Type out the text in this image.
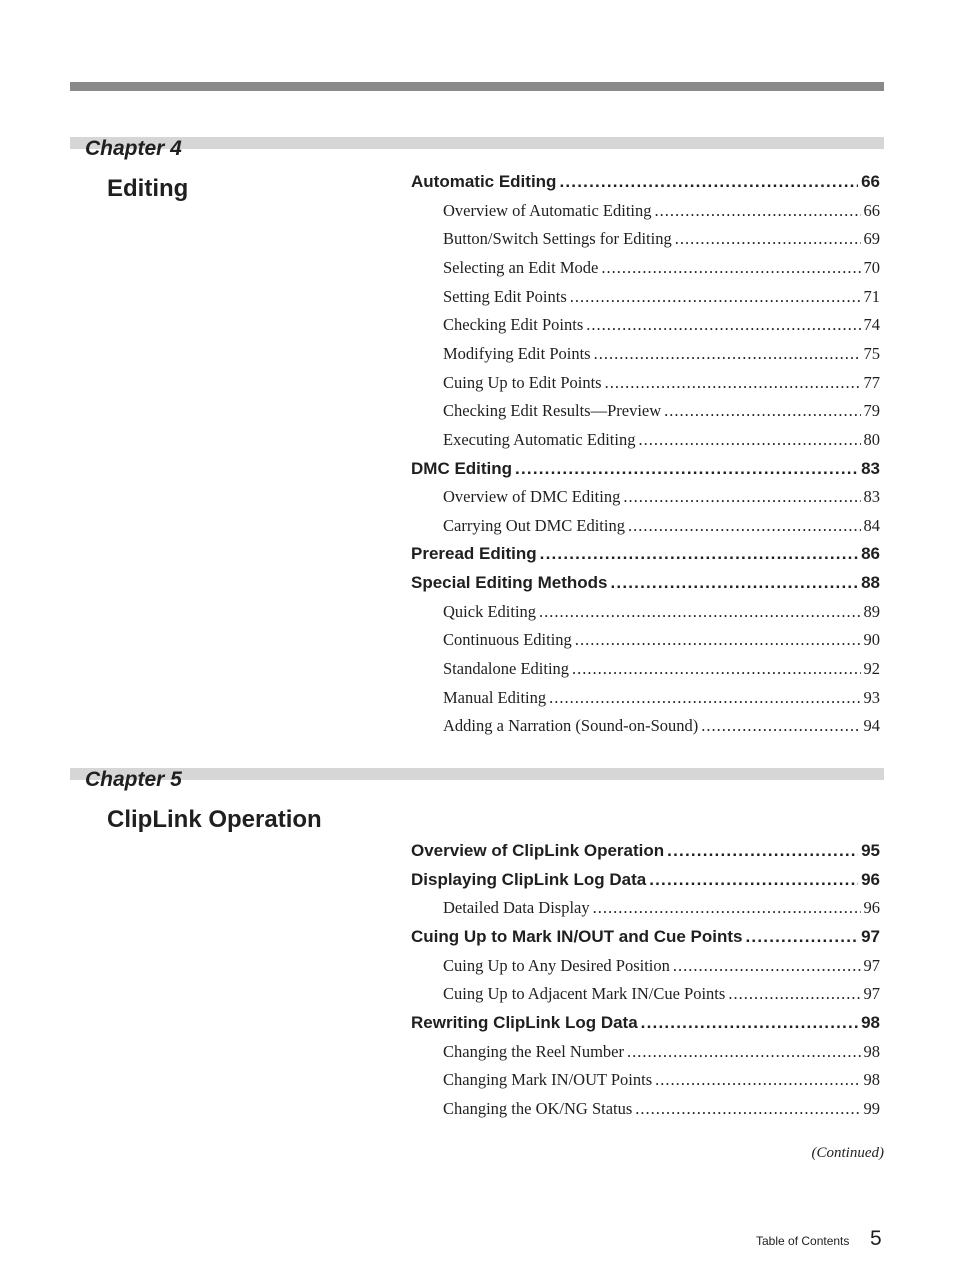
Chapter 4
Editing
Chapter 5
ClipLink Operation
Automatic Editing .....	66
Overview of Automatic Editing .....	66
Button/Switch Settings for Editing .....	69
Selecting an Edit Mode .....	70
Setting Edit Points .....	71
Checking Edit Points .....	74
Modifying Edit Points .....	75
Cuing Up to Edit Points .....	77
Checking Edit Results—Preview .....	79
Executing Automatic Editing .....	80
DMC Editing .....	83
Overview of DMC Editing .....	83
Carrying Out DMC Editing .....	84
Preread Editing .....	86
Special Editing Methods .....	88
Quick Editing .....	89
Continuous Editing .....	90
Standalone Editing .....	92
Manual Editing .....	93
Adding a Narration (Sound-on-Sound) .....	94
Overview of ClipLink Operation .....	95
Displaying ClipLink Log Data .....	96
Detailed Data Display .....	96
Cuing Up to Mark IN/OUT and Cue Points .....	97
Cuing Up to Any Desired Position .....	97
Cuing Up to Adjacent Mark IN/Cue Points .....	97
Rewriting ClipLink Log Data .....	98
Changing the Reel Number .....	98
Changing Mark IN/OUT Points .....	98
Changing the OK/NG Status .....	99
(Continued)
Table of Contents 5
